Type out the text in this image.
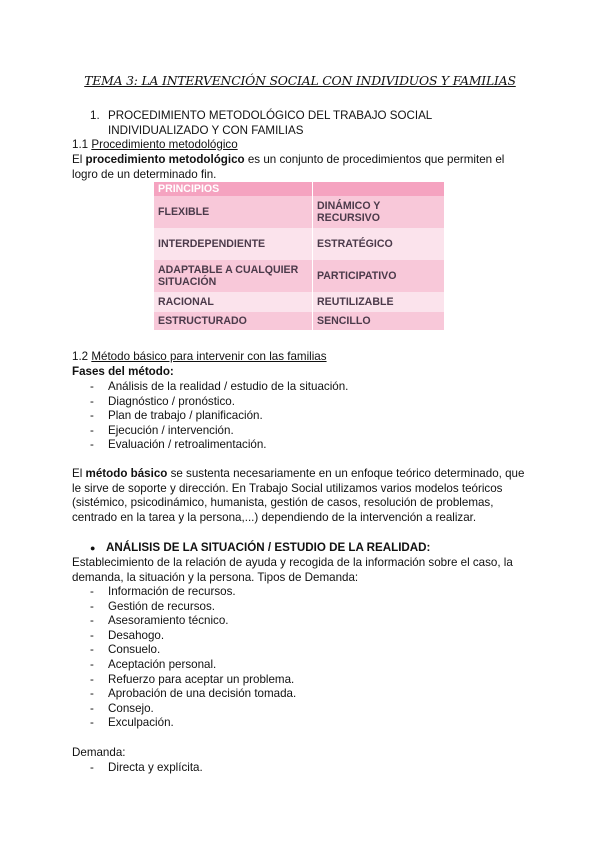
TEMA 3: LA INTERVENCIÓN SOCIAL CON INDIVIDUOS Y FAMILIAS
1. PROCEDIMIENTO METODOLÓGICO DEL TRABAJO SOCIAL INDIVIDUALIZADO Y CON FAMILIAS
1.1 Procedimiento metodológico
El procedimiento metodológico es un conjunto de procedimientos que permiten el logro de un determinado fin.
PRINCIPIOS	
FLEXIBLE	DINÁMICO Y RECURSIVO
INTERDEPENDIENTE	ESTRATÉGICO
ADAPTABLE A CUALQUIER SITUACIÓN	PARTICIPATIVO
RACIONAL	REUTILIZABLE
ESTRUCTURADO	SENCILLO
1.2 Método básico para intervenir con las familias
Fases del método:
- Análisis de la realidad / estudio de la situación.
- Diagnóstico / pronóstico.
- Plan de trabajo / planificación.
- Ejecución / intervención.
- Evaluación / retroalimentación.
El método básico se sustenta necesariamente en un enfoque teórico determinado, que le sirve de soporte y dirección. En Trabajo Social utilizamos varios modelos teóricos (sistémico, psicodinámico, humanista, gestión de casos, resolución de problemas, centrado en la tarea y la persona,...) dependiendo de la intervención a realizar.
● ANÁLISIS DE LA SITUACIÓN / ESTUDIO DE LA REALIDAD:
Establecimiento de la relación de ayuda y recogida de la información sobre el caso, la demanda, la situación y la persona. Tipos de Demanda:
- Información de recursos.
- Gestión de recursos.
- Asesoramiento técnico.
- Desahogo.
- Consuelo.
- Aceptación personal.
- Refuerzo para aceptar un problema.
- Aprobación de una decisión tomada.
- Consejo.
- Exculpación.
Demanda:
- Directa y explícita.
